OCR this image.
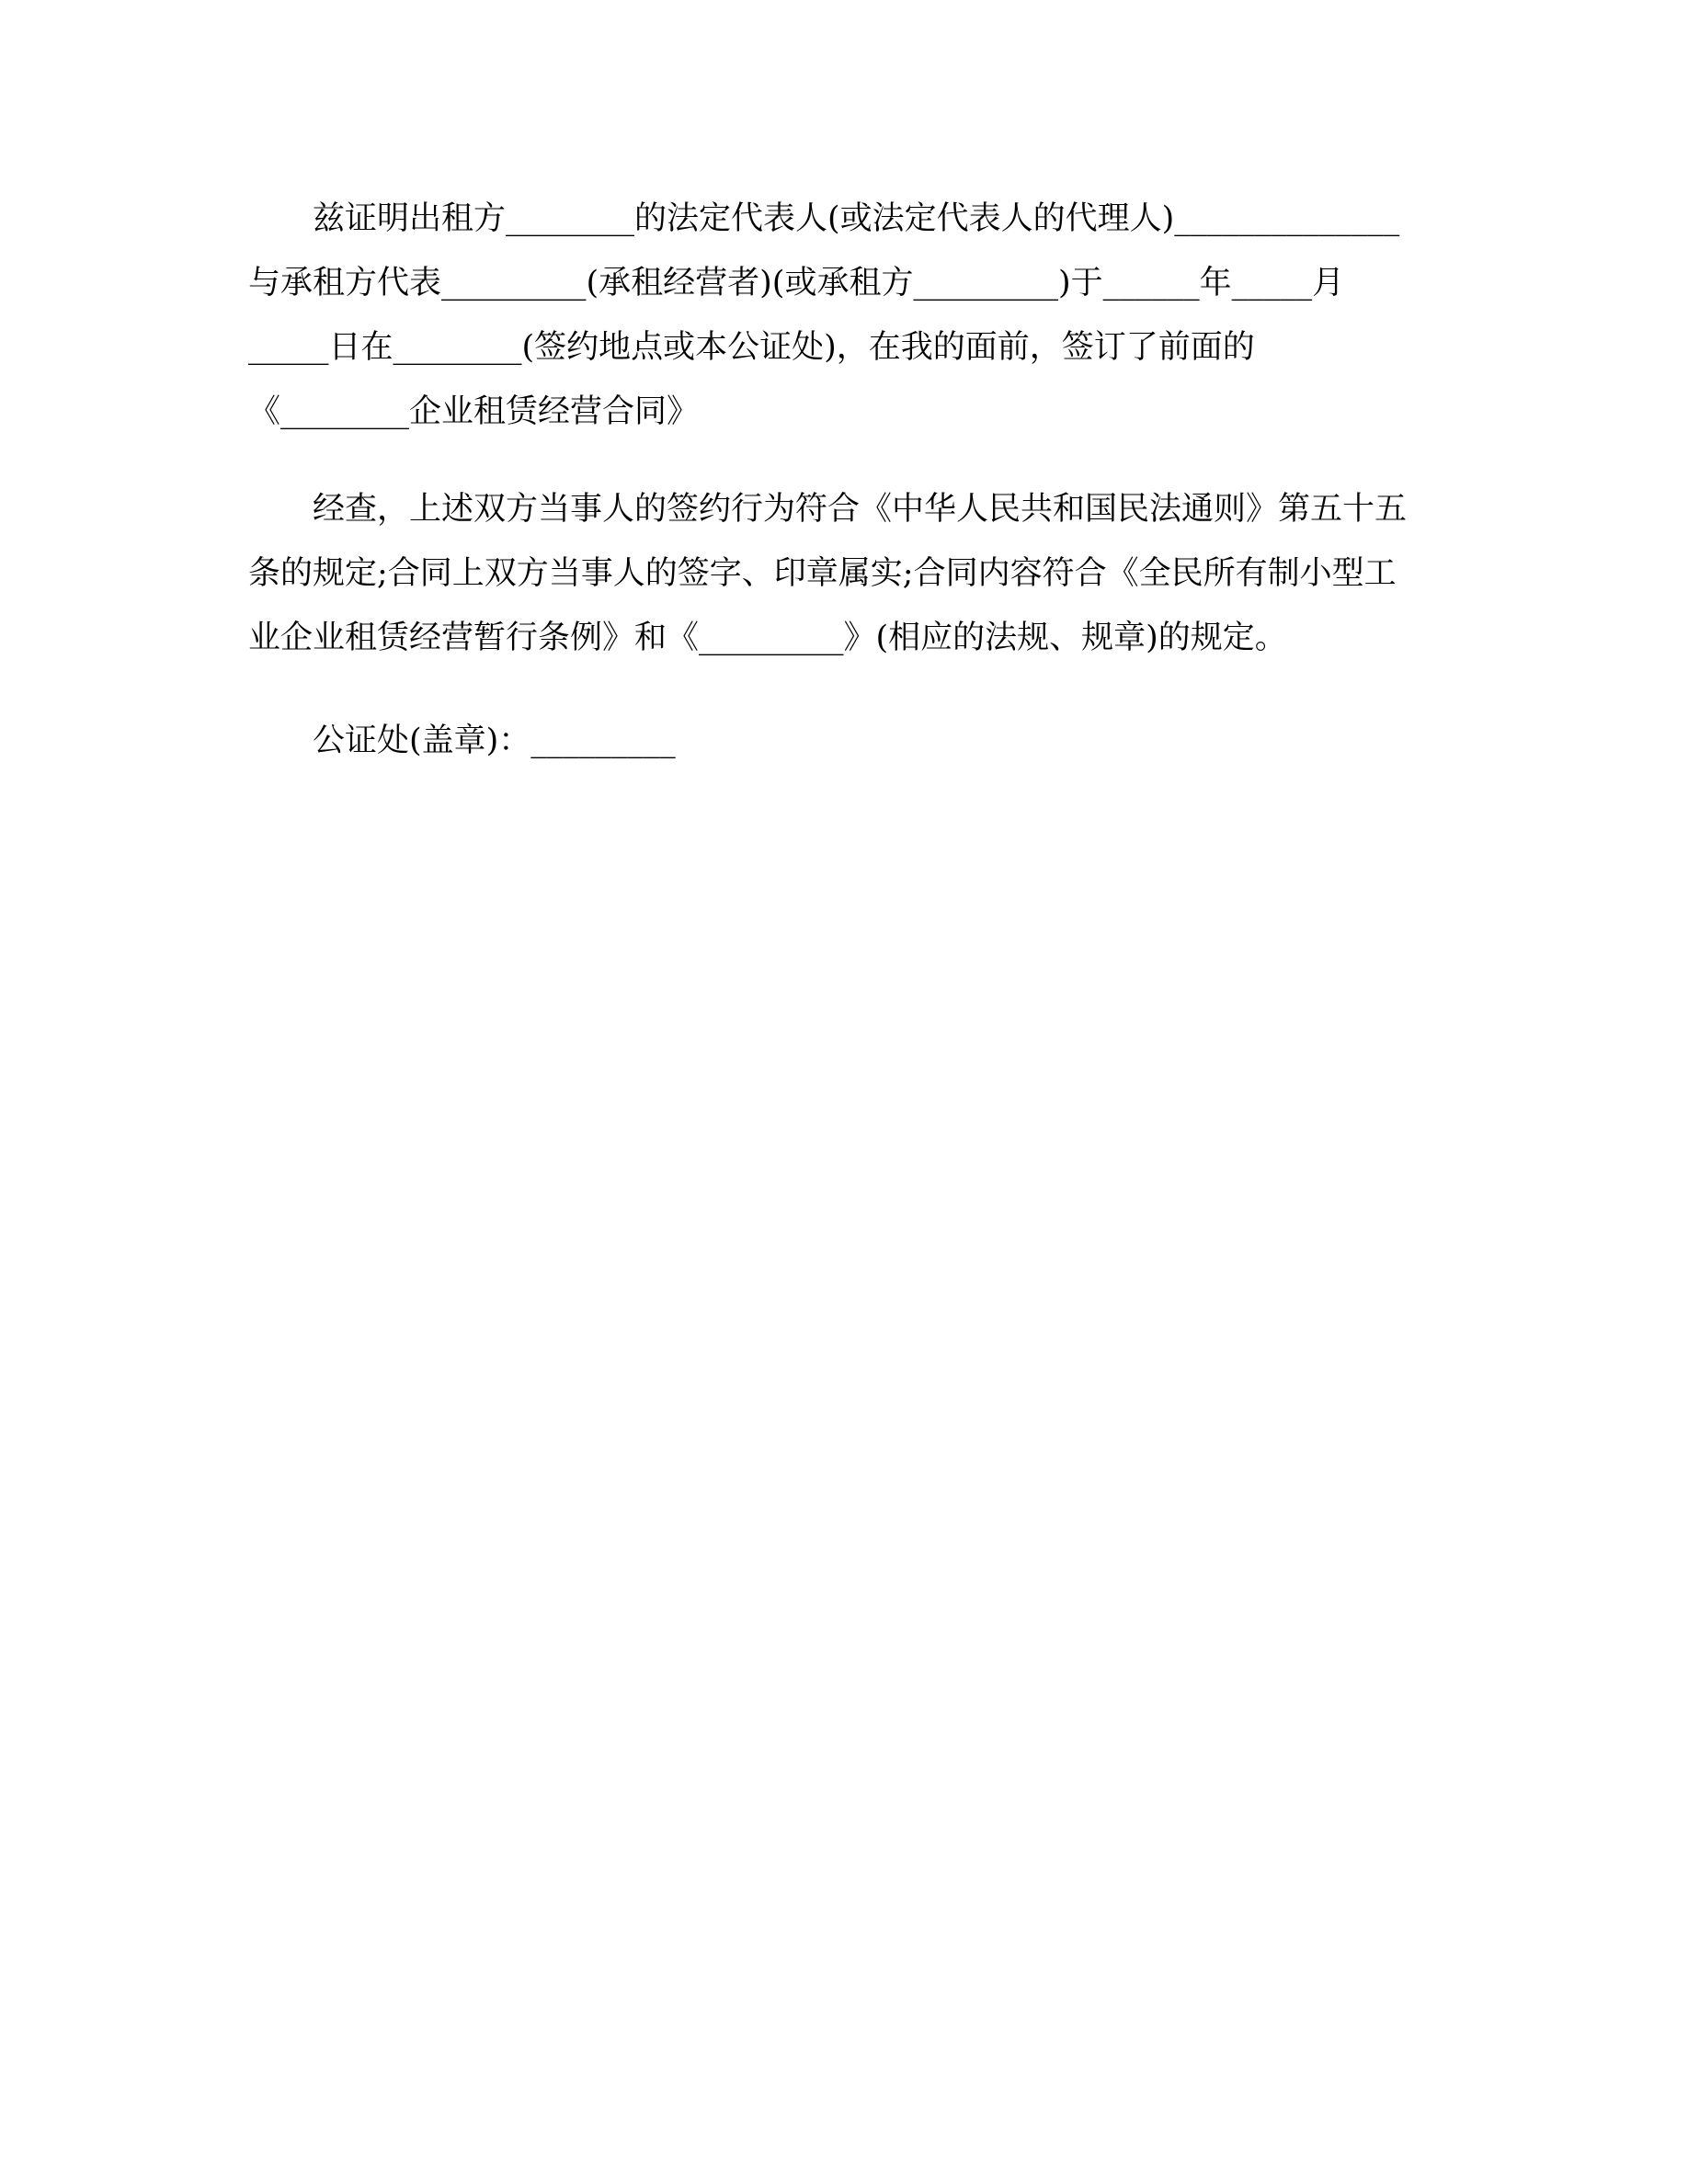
兹证明出租方________的法定代表人(或法定代表人的代理人)______________
与承租方代表_________(承租经营者)(或承租方_________)于______年_____月
_____日在________(签约地点或本公证处)，在我的面前，签订了前面的
《________企业租赁经营合同》
经查，上述双方当事人的签约行为符合《中华人民共和国民法通则》第五十五
条的规定;合同上双方当事人的签字、印章属实;合同内容符合《全民所有制小型工
业企业租赁经营暂行条例》和《_________》(相应的法规、规章)的规定。
公证处(盖章)：_________
